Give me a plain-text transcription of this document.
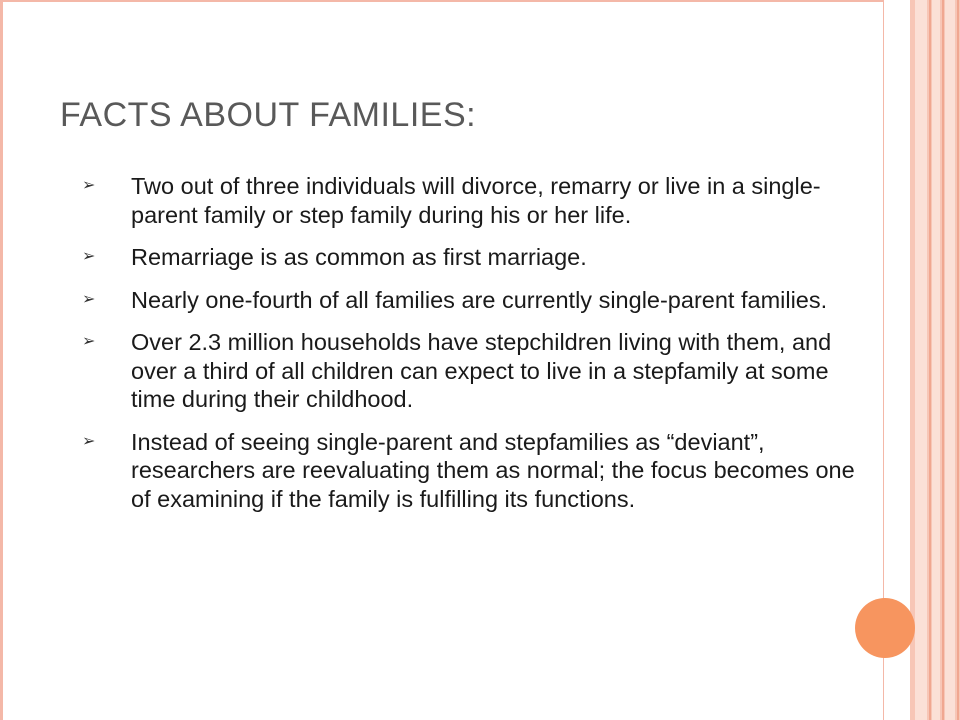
FACTS ABOUT FAMILIES:
➢ Two out of three individuals will divorce, remarry or live in a single-parent family or step family during his or her life.
➢ Remarriage is as common as first marriage.
➢ Nearly one-fourth of all families are currently single-parent families.
➢ Over 2.3 million households have stepchildren living with them, and over a third of all children can expect to live in a stepfamily at some time during their childhood.
➢ Instead of seeing single-parent and stepfamilies as “deviant”, researchers are reevaluating them as normal; the focus becomes one of examining if the family is fulfilling its functions.
